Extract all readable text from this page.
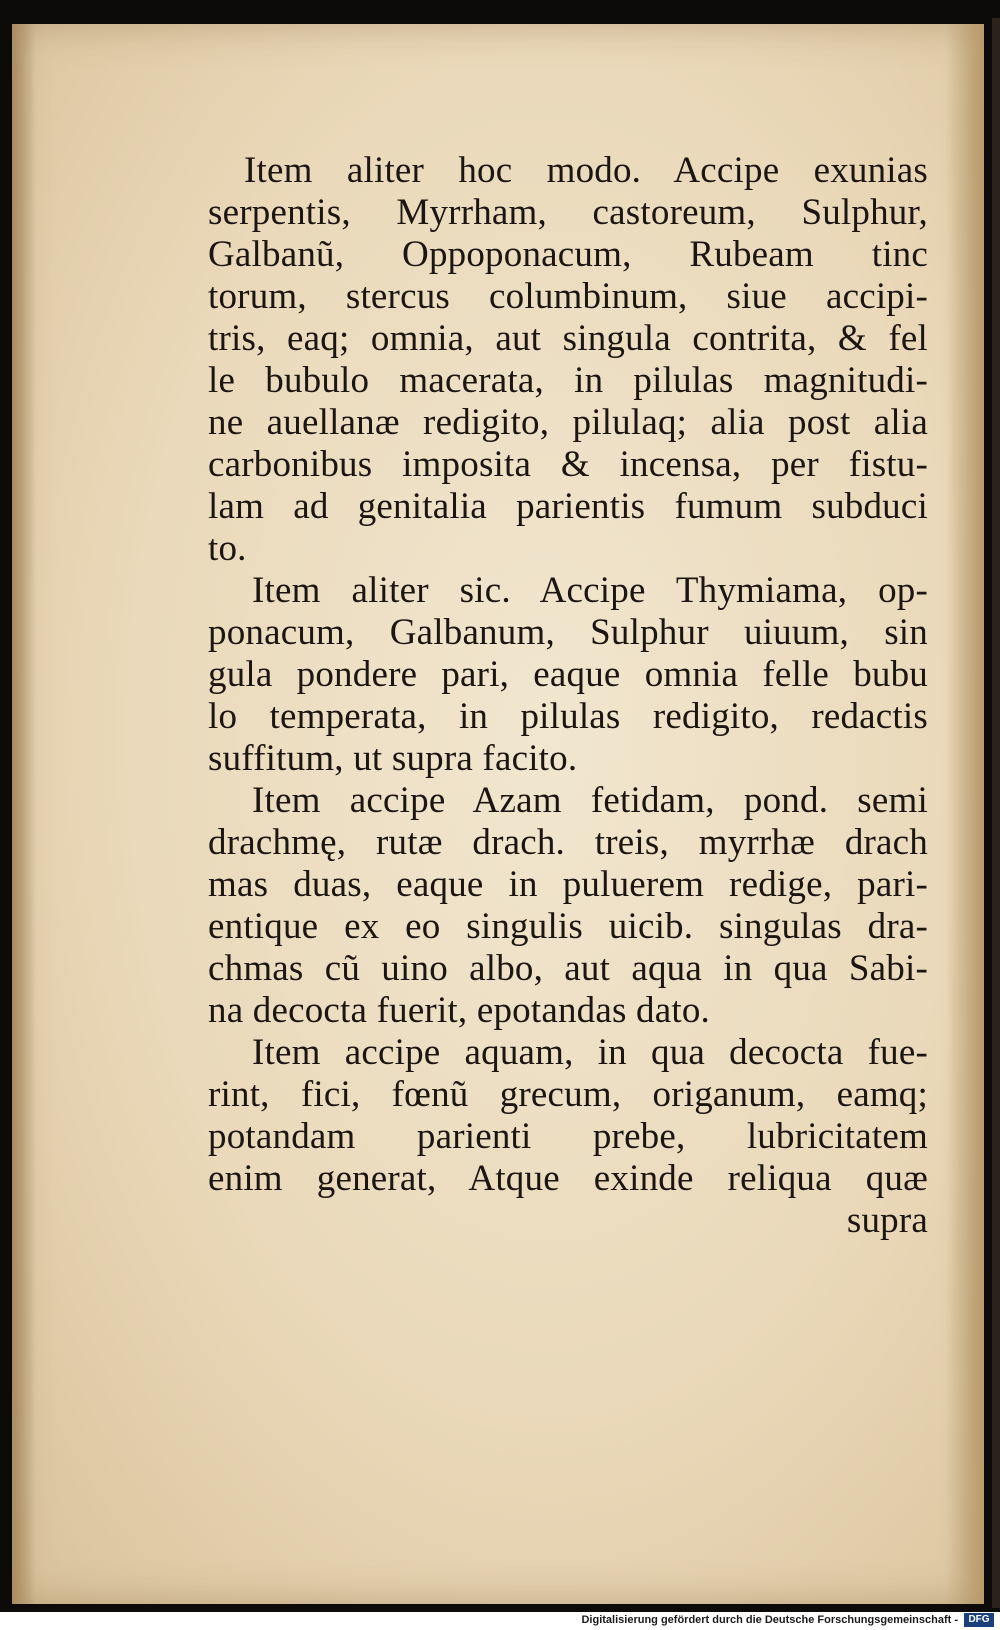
Item aliter hoc modo. Accipe exunias
serpentis, Myrrham, castoreum, Sulphur,
Galbanũ, Oppoponacum, Rubeam tinc
torum, stercus columbinum, siue accipi-
tris, eaq; omnia, aut singula contrita, & fel
le bubulo macerata, in pilulas magnitudi-
ne auellanæ redigito, pilulaq; alia post alia
carbonibus imposita & incensa, per fistu-
lam ad genitalia parientis fumum subduci
to.
Item aliter sic. Accipe Thymiama, op-
ponacum, Galbanum, Sulphur uiuum, sin
gula pondere pari, eaque omnia felle bubu
lo temperata, in pilulas redigito, redactis
suffitum, ut supra facito.
Item accipe Azam fetidam, pond. semi
drachmę, rutæ drach. treis, myrrhæ drach
mas duas, eaque in puluerem redige, pari-
entique ex eo singulis uicib. singulas dra-
chmas cũ uino albo, aut aqua in qua Sabi-
na decocta fuerit, epotandas dato.
Item accipe aquam, in qua decocta fue-
rint, fici, fœnũ grecum, origanum, eamq;
potandam parienti prebe, lubricitatem
enim generat, Atque exinde reliqua quæ
supra
Digitalisierung gefördert durch die Deutsche Forschungsgemeinschaft -	DFG
